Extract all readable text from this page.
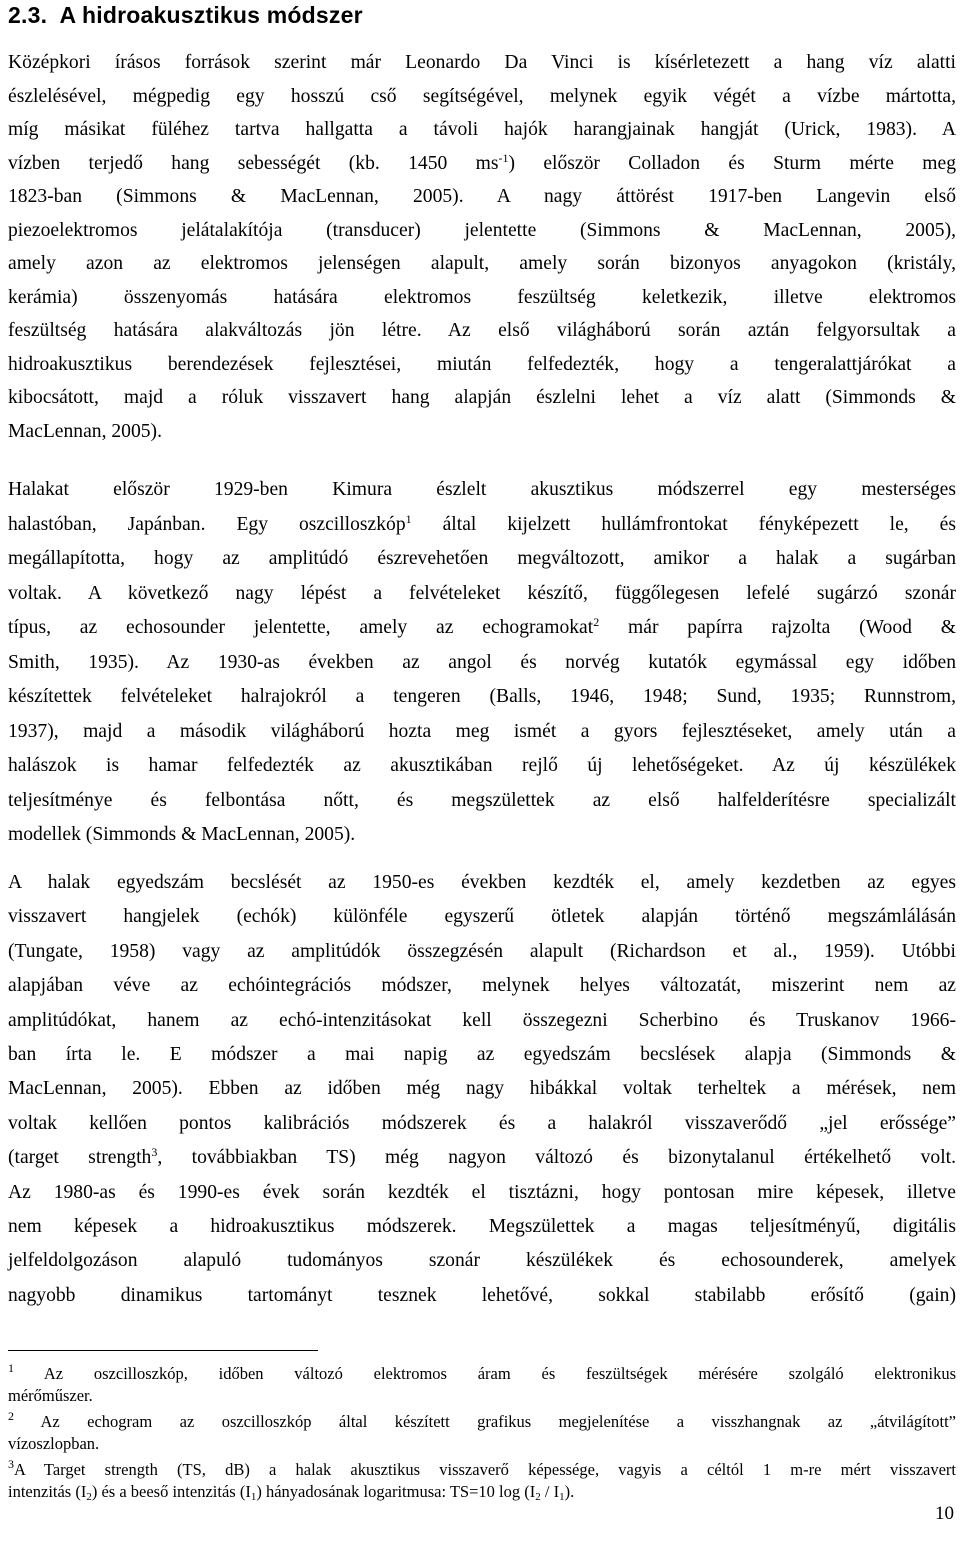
2.3. A hidroakusztikus módszer
Középkori írásos források szerint már Leonardo Da Vinci is kísérletezett a hang víz alatti
észlelésével, mégpedig egy hosszú cső segítségével, melynek egyik végét a vízbe mártotta,
míg másikat füléhez tartva hallgatta a távoli hajók harangjainak hangját (Urick, 1983). A
vízben terjedő hang sebességét (kb. 1450 $ms^{-1}$) először Colladon és Sturm mérte meg
1823-ban (Simmons & MacLennan, 2005). A nagy áttörést 1917-ben Langevin első
piezoelektromos jelátalakítója (transducer) jelentette (Simmons & MacLennan, 2005),
amely azon az elektromos jelenségen alapult, amely során bizonyos anyagokon (kristály,
kerámia) összenyomás hatására elektromos feszültség keletkezik, illetve elektromos
feszültség hatására alakváltozás jön létre. Az első világháború során aztán felgyorsultak a
hidroakusztikus berendezések fejlesztései, miután felfedezték, hogy a tengeralattjárókat a
kibocsátott, majd a róluk visszavert hang alapján észlelni lehet a víz alatt (Simmonds &
MacLennan, 2005).
Halakat először 1929-ben Kimura észlelt akusztikus módszerrel egy mesterséges
halastóban, Japánban. Egy oszcilloszkóp$^1$ által kijelzett hullámfrontokat fényképezett le, és
megállapította, hogy az amplitúdó észrevehetően megváltozott, amikor a halak a sugárban
voltak. A következő nagy lépést a felvételeket készítő, függőlegesen lefelé sugárzó szonár
típus, az echosounder jelentette, amely az echogramokat$^2$ már papírra rajzolta (Wood &
Smith, 1935). Az 1930-as években az angol és norvég kutatók egymással egy időben
készítettek felvételeket halrajokról a tengeren (Balls, 1946, 1948; Sund, 1935; Runnstrom,
1937), majd a második világháború hozta meg ismét a gyors fejlesztéseket, amely után a
halászok is hamar felfedezték az akusztikában rejlő új lehetőségeket. Az új készülékek
teljesítménye és felbontása nőtt, és megszülettek az első halfelderítésre specializált
modellek (Simmonds & MacLennan, 2005).
A halak egyedszám becslését az 1950-es években kezdték el, amely kezdetben az egyes
visszavert hangjelek (echók) különféle egyszerű ötletek alapján történő megszámlálásán
(Tungate, 1958) vagy az amplitúdók összegzésén alapult (Richardson et al., 1959). Utóbbi
alapjában véve az echóintegrációs módszer, melynek helyes változatát, miszerint nem az
amplitúdókat, hanem az echó-intenzitásokat kell összegezni Scherbino és Truskanov 1966-
ban írta le. E módszer a mai napig az egyedszám becslések alapja (Simmonds &
MacLennan, 2005). Ebben az időben még nagy hibákkal voltak terheltek a mérések, nem
voltak kellően pontos kalibrációs módszerek és a halakról visszaverődő „jel erőssége”
(target strength$^3$, továbbiakban TS) még nagyon változó és bizonytalanul értékelhető volt.
Az 1980-as és 1990-es évek során kezdték el tisztázni, hogy pontosan mire képesek, illetve
nem képesek a hidroakusztikus módszerek. Megszülettek a magas teljesítményű, digitális
jelfeldolgozáson alapuló tudományos szonár készülékek és echosounderek, amelyek
nagyobb dinamikus tartományt tesznek lehetővé, sokkal stabilabb erősítő (gain)
$^1$ Az oszcilloszkóp, időben változó elektromos áram és feszültségek mérésére szolgáló elektronikus
mérőműszer.
$^2$ Az echogram az oszcilloszkóp által készített grafikus megjelenítése a visszhangnak az „átvilágított”
vízoszlopban.
$^3$A Target strength (TS, dB) a halak akusztikus visszaverő képessége, vagyis a céltól 1 m-re mért visszavert
intenzitás $(I_2)$ és a beeső intenzitás $(I_1)$ hányadosának logaritmusa: TS=10 $\log (I_2 / I_1)$.
10
